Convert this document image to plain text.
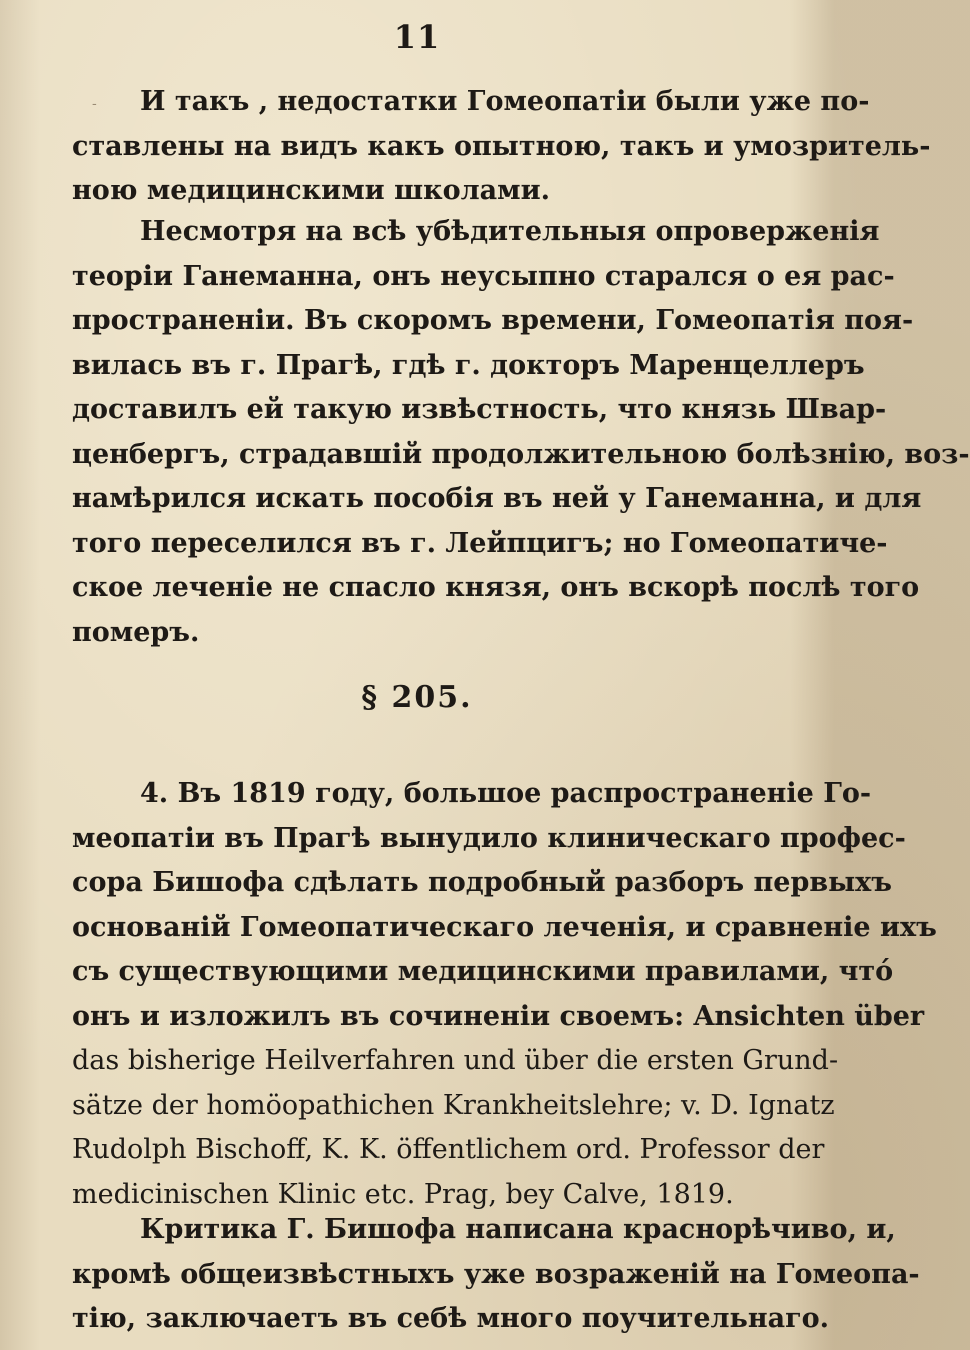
11
-	И такъ , недостатки Гомеопатіи были уже по-
ставлены на видъ какъ опытною, такъ и умозритель-
ною медицинскими школами.

Несмотря на всѣ убѣдительныя опроверженія
теоріи Ганеманна, онъ неусыпно старался о ея рас-
пространеніи. Въ скоромъ времени, Гомеопатія поя-
вилась въ г. Прагѣ, гдѣ г. докторъ Маренцеллеръ
доставилъ ей такую извѣстность, что князь Швар-
ценбергъ, страдавшій продолжительною болѣзнію, воз-
намѣрился искать пособія въ ней у Ганеманна, и для
того переселился въ г. Лейпцигъ; но Гомеопатиче-
ское леченіе не спасло князя, онъ вскорѣ послѣ того
померъ.

§ 205.

4. Въ 1819 году, большое распространеніе Го-
меопатіи въ Прагѣ вынудило клиническаго профес-
сора Бишофа сдѣлать подробный разборъ первыхъ
основаній Гомеопатическаго леченія, и сравненіе ихъ
съ существующими медицинскими правилами, что́
онъ и изложилъ въ сочиненіи своемъ: Ansichten über
das bisherige Heilverfahren und über die ersten Grund-
sätze der homöopathichen Krankheitslehre; v. D. Ignatz
Rudolph Bischoff, K. K. öffentlichem ord. Professor der
medicinischen Klinic etc. Prag, bey Calve, 1819.

Критика Г. Бишофа написана краснорѣчиво, и,
кромѣ общеизвѣстныхъ уже возраженій на Гомеопа-
тію, заключаетъ въ себѣ много поучительнаго.
